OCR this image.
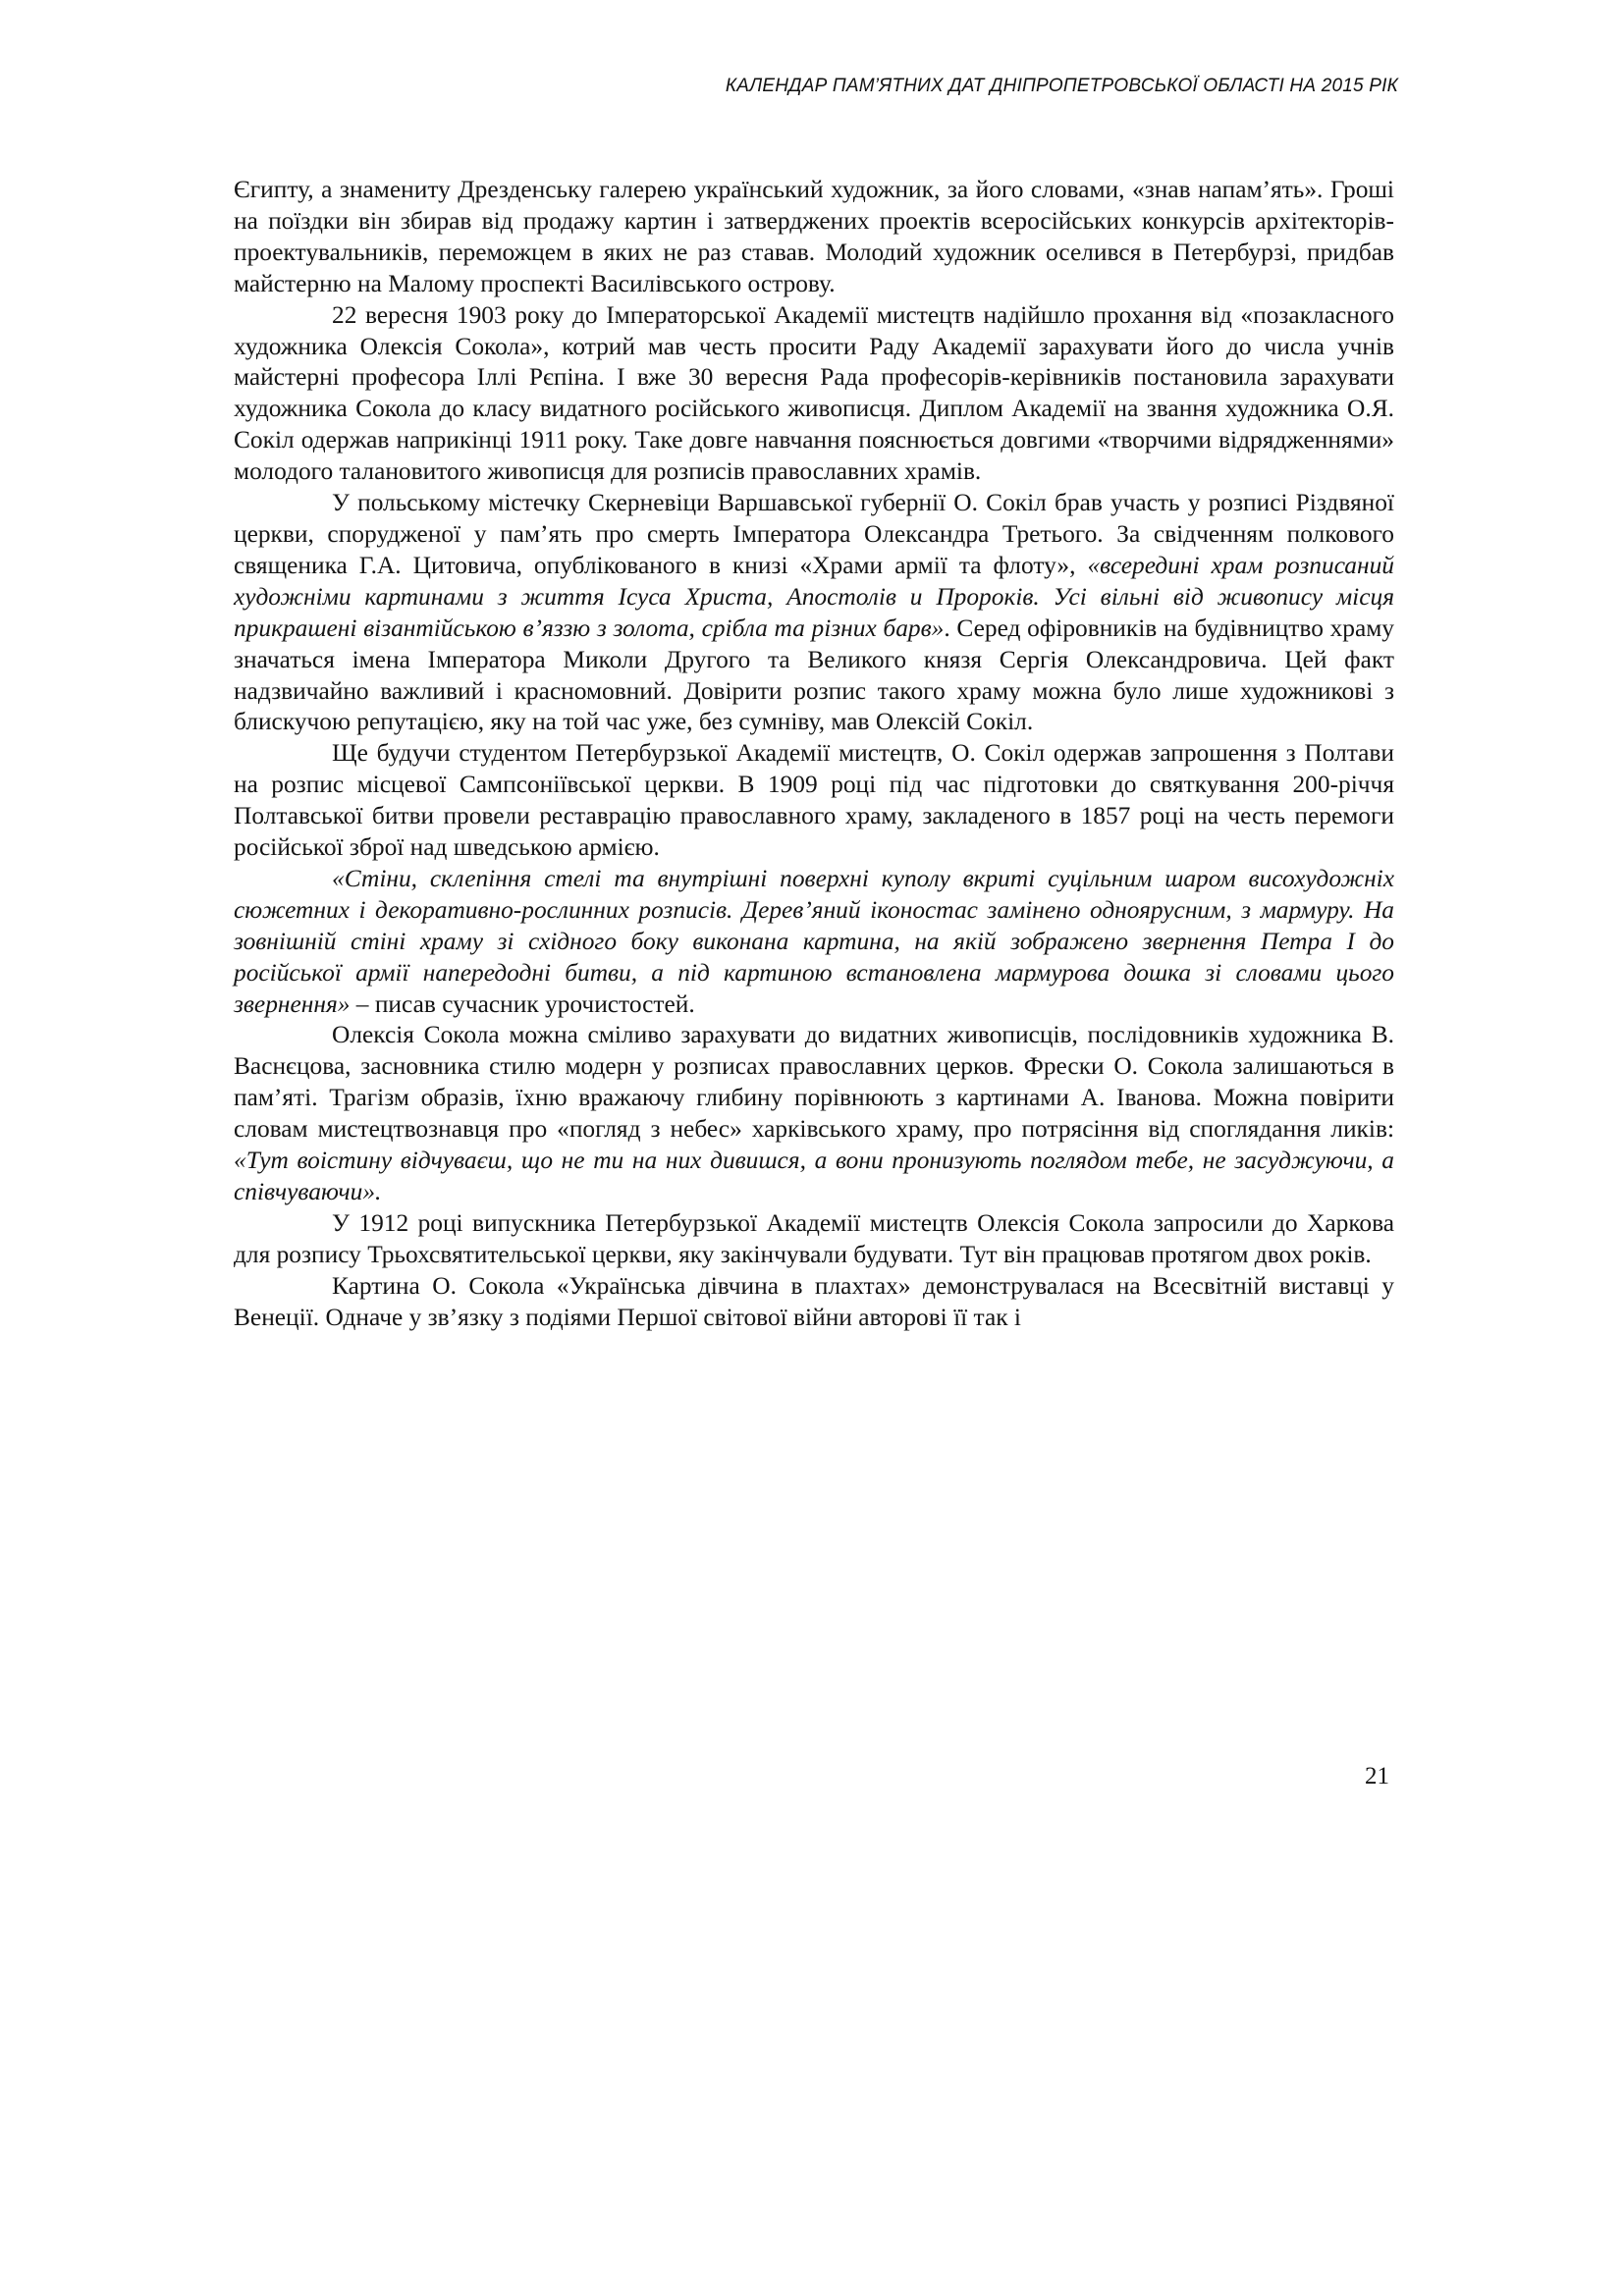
КАЛЕНДАР ПАМ’ЯТНИХ ДАТ ДНІПРОПЕТРОВСЬКОЇ ОБЛАСТІ НА 2015 РІК

Єгипту, а знамениту Дрезденську галерею український художник, за його словами, «знав напам’ять». Гроші на поїздки він збирав від продажу картин і затверджених проектів всеросійських конкурсів архітекторів-проектувальників, переможцем в яких не раз ставав. Молодий художник оселився в Петербурзі, придбав майстерню на Малому проспекті Василівського острову.

22 вересня 1903 року до Імператорської Академії мистецтв надійшло прохання від «позакласного художника Олексія Сокола», котрий мав честь просити Раду Академії зарахувати його до числа учнів майстерні професора Іллі Рєпіна. І вже 30 вересня Рада професорів-керівників постановила зарахувати художника Сокола до класу видатного російського живописця. Диплом Академії на звання художника О.Я. Сокіл одержав наприкінці 1911 року. Таке довге навчання пояснюється довгими «творчими відрядженнями» молодого талановитого живописця для розписів православних храмів.

У польському містечку Скерневіци Варшавської губернії О. Сокіл брав участь у розписі Різдвяної церкви, спорудженої у пам’ять про смерть Імператора Олександра Третього. За свідченням полкового священика Г.А. Цитовича, опублікованого в книзі «Храми армії та флоту», «всередині храм розписаний художніми картинами з життя Ісуса Христа, Апостолів и Пророків. Усі вільні від живопису місця прикрашені візантійською в’яззю з золота, срібла та різних барв». Серед офіровників на будівництво храму значаться імена Імператора Миколи Другого та Великого князя Сергія Олександровича. Цей факт надзвичайно важливий і красномовний. Довірити розпис такого храму можна було лише художникові з блискучою репутацією, яку на той час уже, без сумніву, мав Олексій Сокіл.

Ще будучи студентом Петербурзької Академії мистецтв, О. Сокіл одержав запрошення з Полтави на розпис місцевої Сампсоніївської церкви. В 1909 році під час підготовки до святкування 200-річчя Полтавської битви провели реставрацію православного храму, закладеного в 1857 році на честь перемоги російської зброї над шведською армією.

«Стіни, склепіння стелі та внутрішні поверхні куполу вкриті суцільним шаром висохудожніх сюжетних і декоративно-рослинних розписів. Дерев’яний іконостас замінено одноярусним, з мармуру. На зовнішній стіні храму зі східного боку виконана картина, на якій зображено звернення Петра І до російської армії напередодні битви, а під картиною встановлена мармурова дошка зі словами цього звернення» – писав сучасник урочистостей.

Олексія Сокола можна сміливо зарахувати до видатних живописців, послідовників художника В. Васнєцова, засновника стилю модерн у розписах православних церков. Фрески О. Сокола залишаються в пам’яті. Трагізм образів, їхню вражаючу глибину порівнюють з картинами А. Іванова. Можна повірити словам мистецтвознавця про «погляд з небес» харківського храму, про потрясіння від споглядання ликів: «Тут воістину відчуваєш, що не ти на них дивишся, а вони пронизують поглядом тебе, не засуджуючи, а співчуваючи».

У 1912 році випускника Петербурзької Академії мистецтв Олексія Сокола запросили до Харкова для розпису Трьохсвятительської церкви, яку закінчували будувати. Тут він працював протягом двох років.

Картина О. Сокола «Українська дівчина в плахтах» демонструвалася на Всесвітній виставці у Венеції. Одначе у зв’язку з подіями Першої світової війни авторові її так і

21
